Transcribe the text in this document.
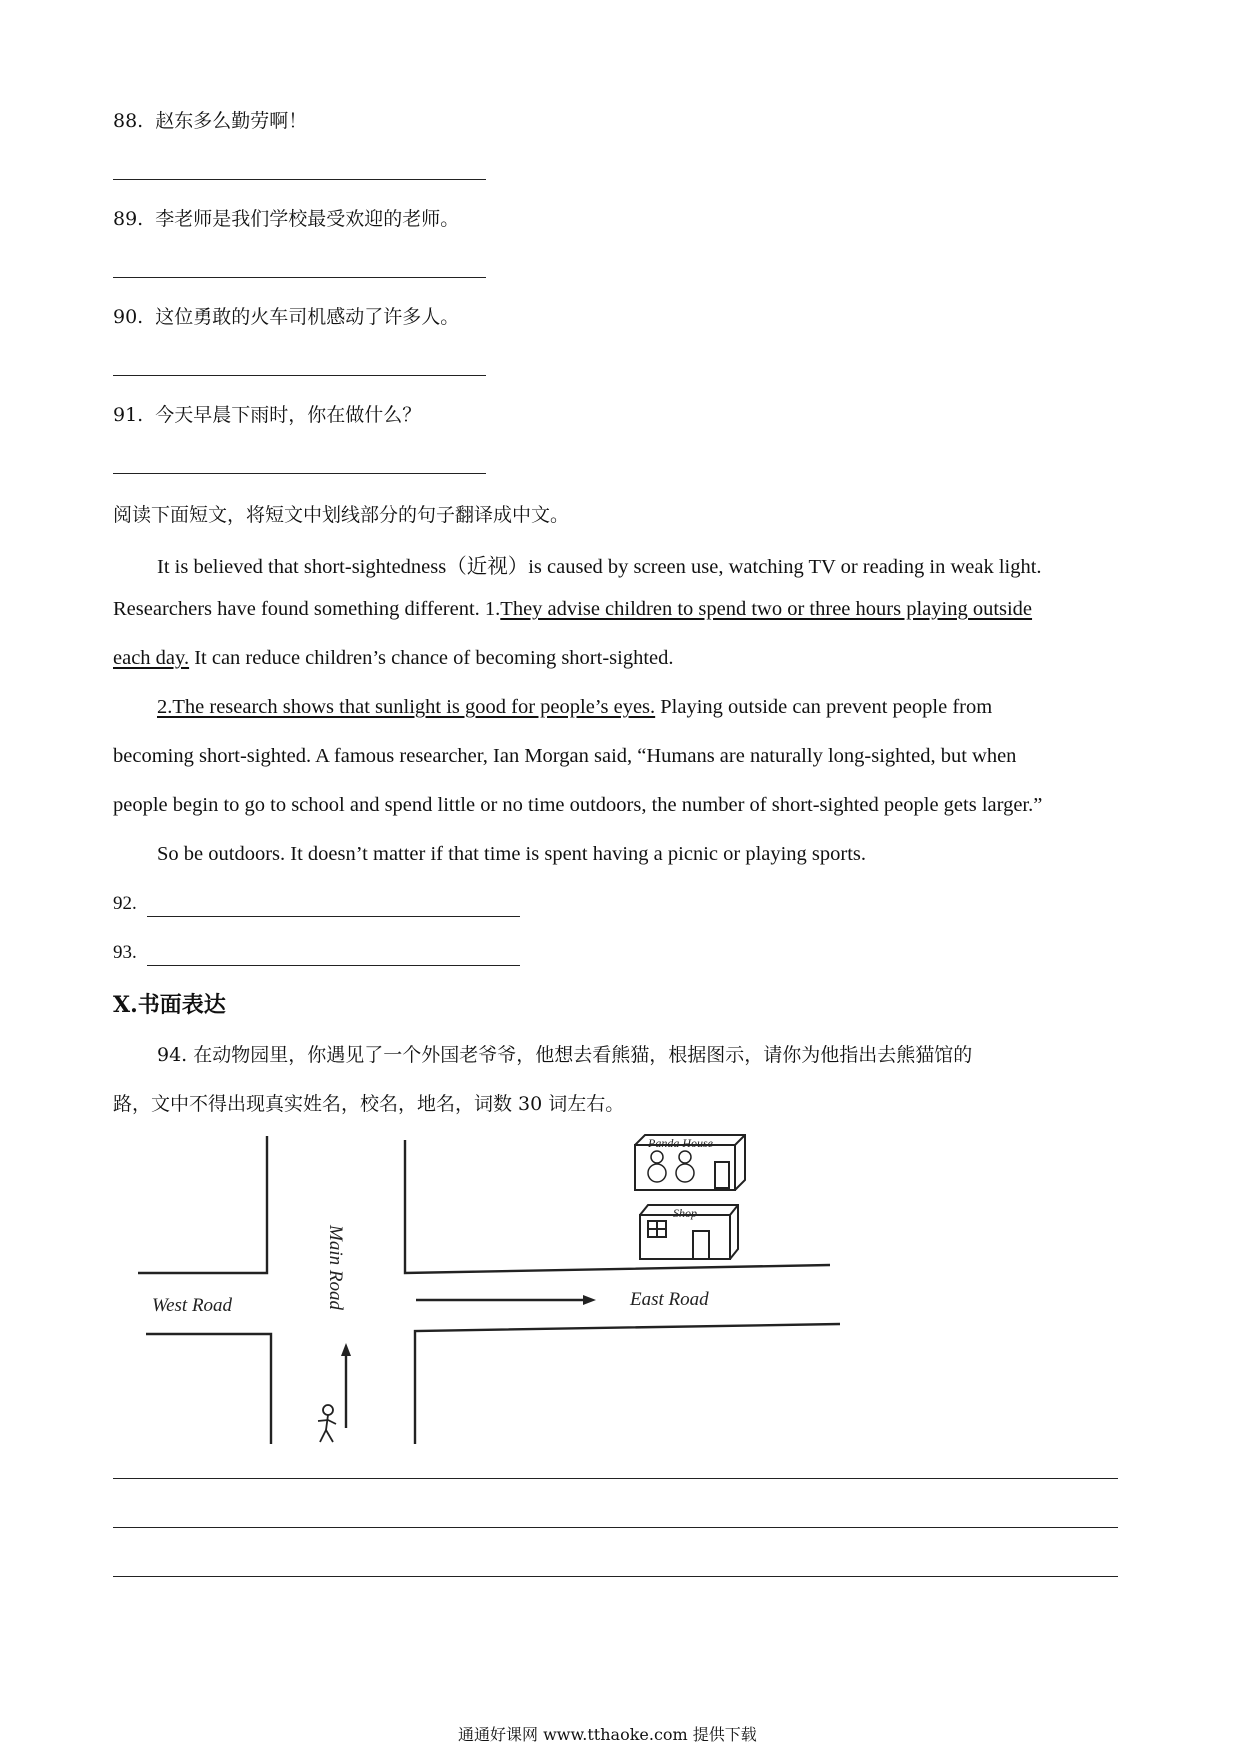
88. 赵东多么勤劳啊！
89. 李老师是我们学校最受欢迎的老师。
90. 这位勇敢的火车司机感动了许多人。
91. 今天早晨下雨时，你在做什么？
阅读下面短文，将短文中划线部分的句子翻译成中文。
It is believed that short-sightedness（近视）is caused by screen use, watching TV or reading in weak light.
Researchers have found something different. 1.They advise children to spend two or three hours playing outside
each day. It can reduce children’s chance of becoming short-sighted.
2.The research shows that sunlight is good for people’s eyes. Playing outside can prevent people from
becoming short-sighted. A famous researcher, Ian Morgan said, “Humans are naturally long-sighted, but when
people begin to go to school and spend little or no time outdoors, the number of short-sighted people gets larger.”
So be outdoors. It doesn’t matter if that time is spent having a picnic or playing sports.
92.
93.
X.书面表达
94. 在动物园里，你遇见了一个外国老爷爷，他想去看熊猫，根据图示，请你为他指出去熊猫馆的
路，文中不得出现真实姓名，校名，地名，词数 30 词左右。
Panda House
Shop
West Road	Main Road	East Road
通通好课网 www.tthaoke.com 提供下载
